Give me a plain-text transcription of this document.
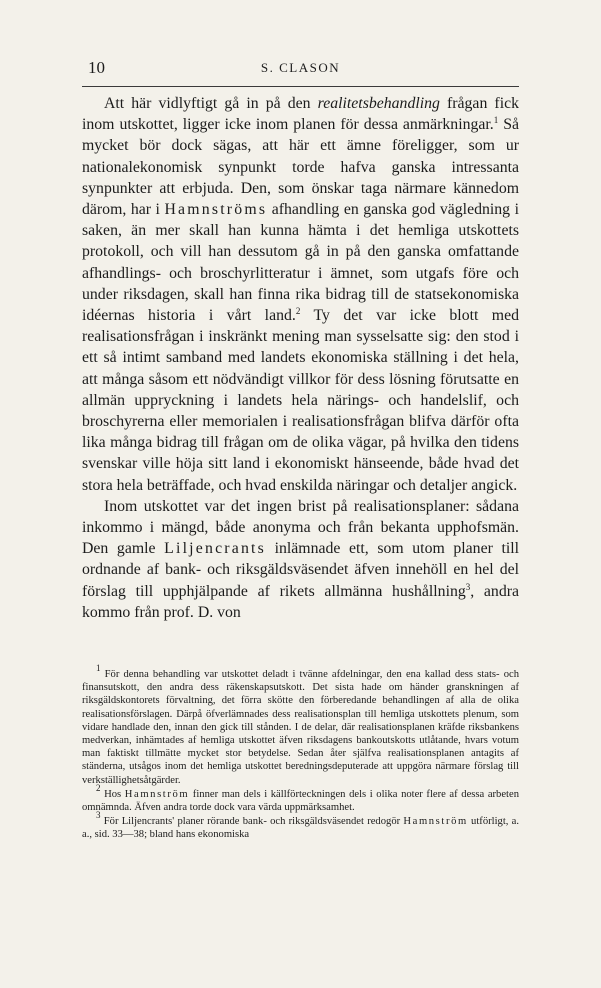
10	S. CLASON

Att här vidlyftigt gå in på den realitetsbehandling frågan fick inom utskottet, ligger icke inom planen för dessa anmärkningar.$^1$ Så mycket bör dock sägas, att här ett ämne föreligger, som ur nationalekonomisk synpunkt torde hafva ganska intressanta synpunkter att erbjuda. Den, som önskar taga närmare kännedom därom, har i Hamnströms afhandling en ganska god vägledning i saken, än mer skall han kunna hämta i det hemliga utskottets protokoll, och vill han dessutom gå in på den ganska omfattande afhandlings- och broschyrlitteratur i ämnet, som utgafs före och under riksdagen, skall han finna rika bidrag till de statsekonomiska idéernas historia i vårt land.$^2$ Ty det var icke blott med realisationsfrågan i inskränkt mening man sysselsatte sig: den stod i ett så intimt samband med landets ekonomiska ställning i det hela, att många såsom ett nödvändigt villkor för dess lösning förutsatte en allmän uppryckning i landets hela närings- och handelslif, och broschyrerna eller memorialen i realisationsfrågan blifva därför ofta lika många bidrag till frågan om de olika vägar, på hvilka den tidens svenskar ville höja sitt land i ekonomiskt hänseende, både hvad det stora hela beträffade, och hvad enskilda näringar och detaljer angick.

Inom utskottet var det ingen brist på realisationsplaner: sådana inkommo i mängd, både anonyma och från bekanta upphofsmän. Den gamle Liljencrants inlämnade ett, som utom planer till ordnande af bank- och riksgäldsväsendet äfven innehöll en hel del förslag till upphjälpande af rikets allmänna hushållning$^3$, andra kommo från prof. D. von

$^1$ För denna behandling var utskottet deladt i tvänne afdelningar, den ena kallad dess stats- och finansutskott, den andra dess räkenskapsutskott. Det sista hade om händer granskningen af riksgäldskontorets förvaltning, det förra skötte den förberedande behandlingen af alla de olika realisationsförslagen. Därpå öfverlämnades dess realisationsplan till hemliga utskottets plenum, som vidare handlade den, innan den gick till stånden. I de delar, där realisationsplanen kräfde riksbankens medverkan, inhämtades af hemliga utskottet äfven riksdagens bankoutskotts utlåtande, hvars votum man faktiskt tillmätte mycket stor betydelse. Sedan åter själfva realisationsplanen antagits af ständerna, utsågos inom det hemliga utskottet beredningsdeputerade att uppgöra närmare förslag till verkställighetsåtgärder.

$^2$ Hos Hamnström finner man dels i källförteckningen dels i olika noter flere af dessa arbeten omnämnda. Äfven andra torde dock vara värda uppmärksamhet.

$^3$ För Liljencrants' planer rörande bank- och riksgäldsväsendet redogör Hamnström utförligt, a. a., sid. 33—38; bland hans ekonomiska
